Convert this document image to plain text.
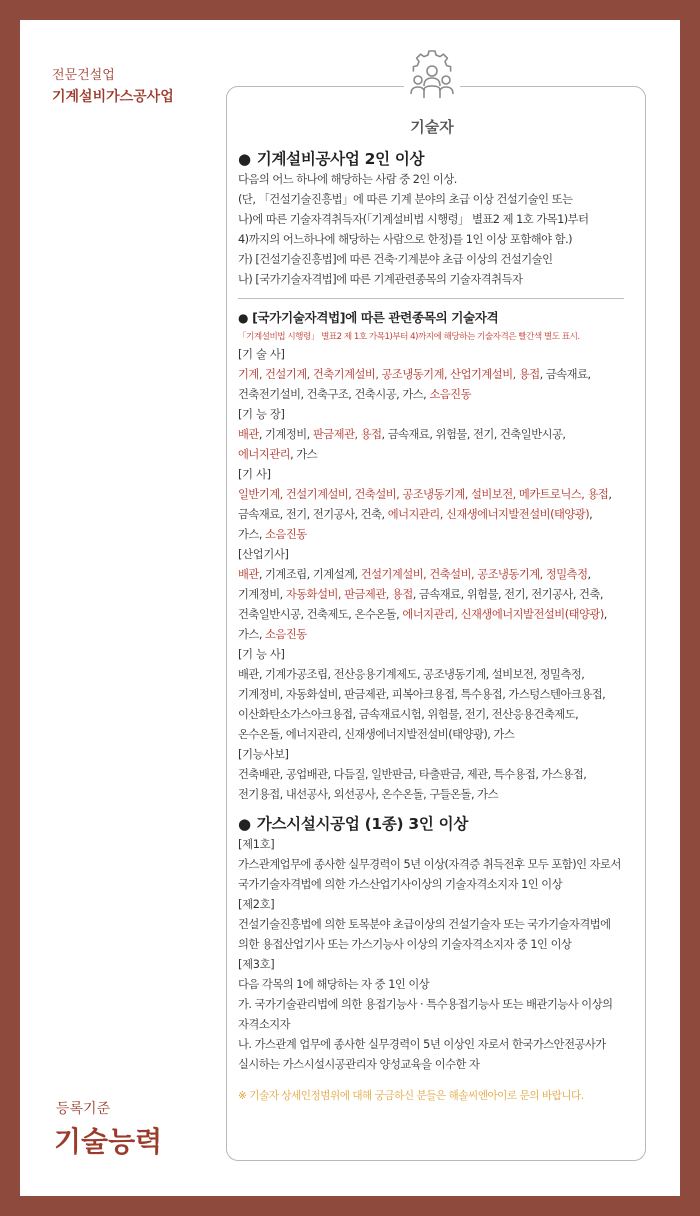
전문건설업
기계설비가스공사업
등록기준
기술능력
기술자
● 기계설비공사업 2인 이상

다음의 어느 하나에 해당하는 사람 중 2인 이상.

(단, 「건설기술진흥법」에 따른 기계 분야의 초급 이상 건설기술인 또는

나)에 따른 기술자격취득자(「기계설비법 시행령」 별표2 제 1호 가목1)부터

4)까지의 어느하나에 해당하는 사람으로 한정)를 1인 이상 포함해야 함.)

가) [건설기술진흥법]에 따른 건축·기계분야 초급 이상의 건설기술인

나) [국가기술자격법]에 따른 기계관련종목의 기술자격취득자

● [국가기술자격법]에 따른 관련종목의 기술자격

「기계설비법 시행령」 별표2 제 1호 가목1)부터 4)까지에 해당하는 기술자격은 빨간색 별도 표시.

[기 술 사]

기계, 건설기계, 건축기계설비, 공조냉동기계, 산업기계설비, 용접, 금속재료,

건축전기설비, 건축구조, 건축시공, 가스, 소음진동

[기 능 장]

배관, 기계정비, 판금제관, 용접, 금속재료, 위험물, 전기, 건축일반시공,

에너지관리, 가스

[기 사]

일반기계, 건설기계설비, 건축설비, 공조냉동기계, 설비보전, 메카트로닉스, 용접,

금속재료, 전기, 전기공사, 건축, 에너지관리, 신재생에너지발전설비(태양광),

가스, 소음진동

[산업기사]

배관, 기계조립, 기계설계, 건설기계설비, 건축설비, 공조냉동기계, 정밀측정,

기계정비, 자동화설비, 판금제관, 용접, 금속재료, 위험물, 전기, 전기공사, 건축,

건축일반시공, 건축제도, 온수온돌, 에너지관리, 신재생에너지발전설비(태양광),

가스, 소음진동

[기 능 사]

배관, 기계가공조립, 전산응용기계제도, 공조냉동기계, 설비보전, 정밀측정,

기계정비, 자동화설비, 판금제관, 피복아크용접, 특수용접, 가스텅스텐아크용접,

이산화탄소가스아크용접, 금속재료시험, 위험물, 전기, 전산응용건축제도,

온수온돌, 에너지관리, 신재생에너지발전설비(태양광), 가스

[기능사보]

건축배관, 공업배관, 다듬질, 일반판금, 타출판금, 제관, 특수용접, 가스용접,

전기용접, 내선공사, 외선공사, 온수온돌, 구들온돌, 가스

● 가스시설시공업 (1종) 3인 이상

[제1호]

가스관계업무에 종사한 실무경력이 5년 이상(자격증 취득전후 모두 포함)인 자로서

국가기술자격법에 의한 가스산업기사이상의 기술자격소지자 1인 이상

[제2호]

건설기술진흥법에 의한 토목분야 초급이상의 건설기술자 또는 국가기술자격법에

의한 용접산업기사 또는 가스기능사 이상의 기술자격소지자 중 1인 이상

[제3호]

다음 각목의 1에 해당하는 자 중 1인 이상

가. 국가기술관리법에 의한 용접기능사 · 특수용접기능사 또는 배관기능사 이상의

자격소지자

나. 가스관계 업무에 종사한 실무경력이 5년 이상인 자로서 한국가스안전공사가

실시하는 가스시설시공관리자 양성교육을 이수한 자

※ 기술자 상세인정범위에 대해 궁금하신 분들은 해솔씨엔아이로 문의 바랍니다.
